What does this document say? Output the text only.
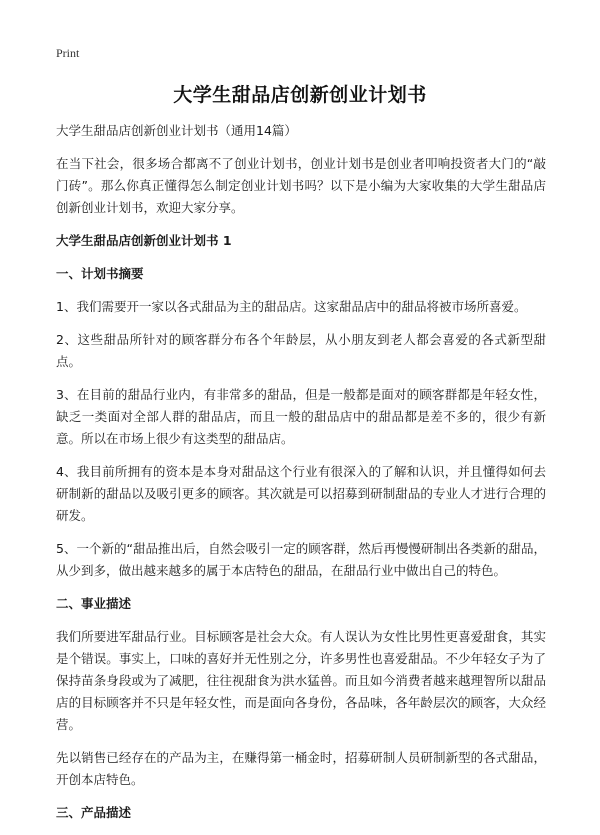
Print
大学生甜品店创新创业计划书

大学生甜品店创新创业计划书（通用14篇）

在当下社会，很多场合都离不了创业计划书，创业计划书是创业者叩响投资者大门的“敲门砖”。那么你真正懂得怎么制定创业计划书吗？以下是小编为大家收集的大学生甜品店创新创业计划书，欢迎大家分享。

大学生甜品店创新创业计划书 1

一、计划书摘要

1、我们需要开一家以各式甜品为主的甜品店。这家甜品店中的甜品将被市场所喜爱。

2、这些甜品所针对的顾客群分布各个年龄层，从小朋友到老人都会喜爱的各式新型甜点。

3、在目前的甜品行业内，有非常多的甜品，但是一般都是面对的顾客群都是年轻女性，缺乏一类面对全部人群的甜品店，而且一般的甜品店中的甜品都是差不多的，很少有新意。所以在市场上很少有这类型的甜品店。

4、我目前所拥有的资本是本身对甜品这个行业有很深入的了解和认识，并且懂得如何去研制新的甜品以及吸引更多的顾客。其次就是可以招募到研制甜品的专业人才进行合理的研发。

5、一个新的“甜品推出后，自然会吸引一定的顾客群，然后再慢慢研制出各类新的甜品，从少到多，做出越来越多的属于本店特色的甜品，在甜品行业中做出自己的特色。

二、事业描述

我们所要进军甜品行业。目标顾客是社会大众。有人误认为女性比男性更喜爱甜食，其实是个错误。事实上，口味的喜好并无性别之分，许多男性也喜爱甜品。不少年轻女子为了保持苗条身段或为了减肥，往往视甜食为洪水猛兽。而且如今消费者越来越理智所以甜品店的目标顾客并不只是年轻女性，而是面向各身份，各品味，各年龄层次的顾客，大众经营。

先以销售已经存在的产品为主，在赚得第一桶金时，招募研制人员研制新型的各式甜品，开创本店特色。

三、产品描述
